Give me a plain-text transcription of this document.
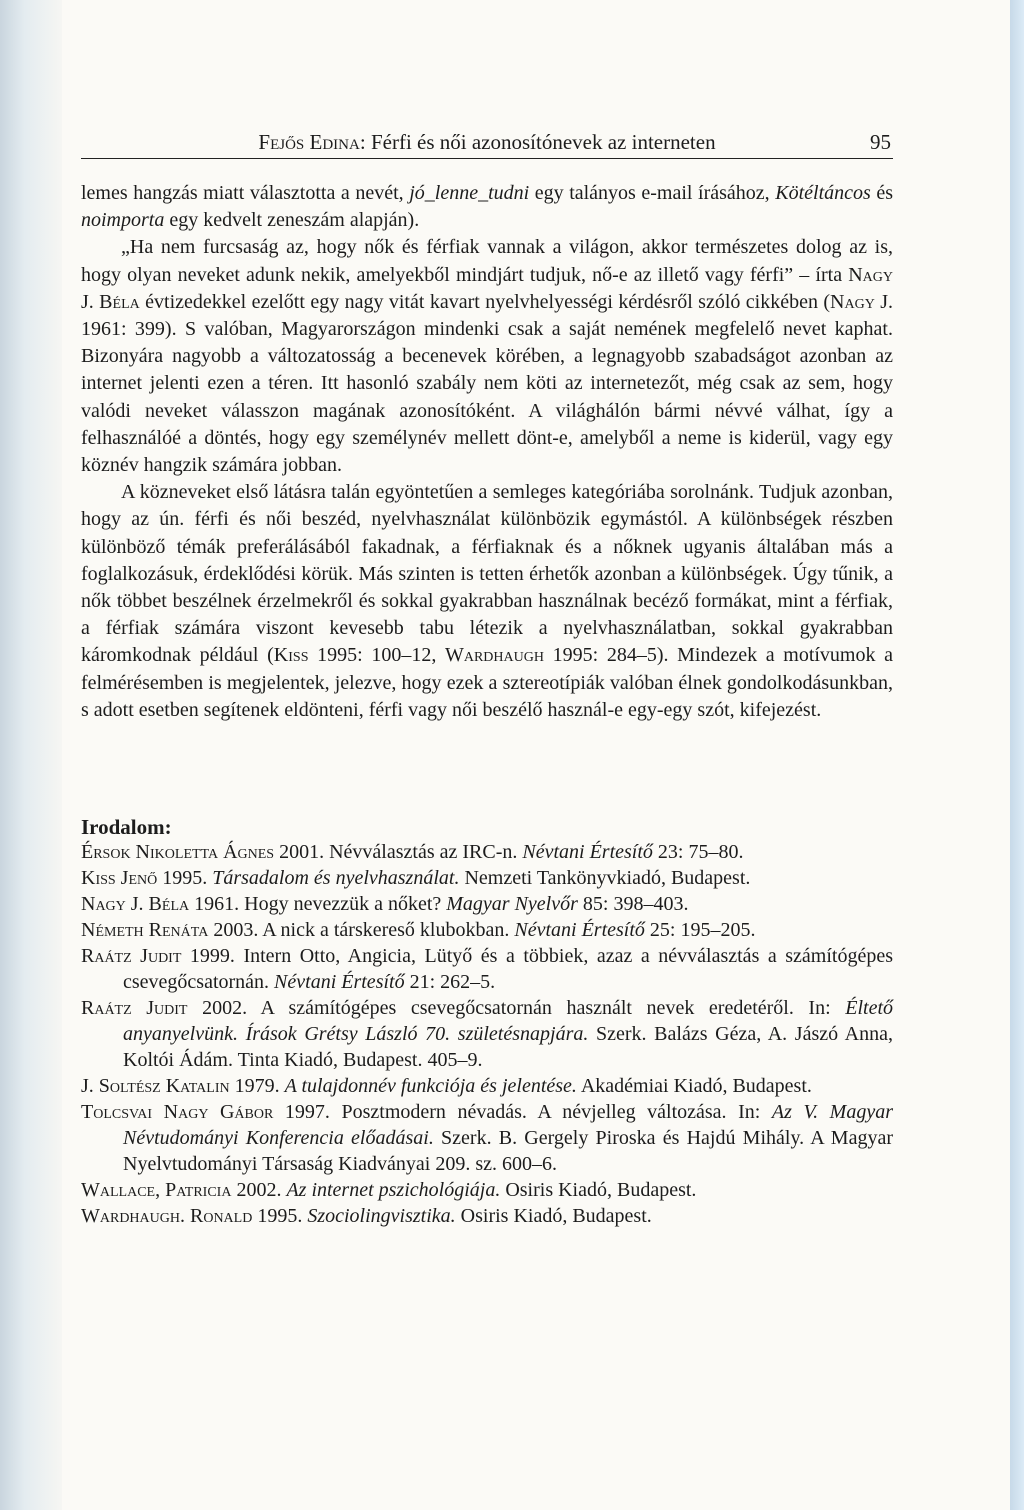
Fejős Edina: Férfi és női azonosítónevek az interneten	95

lemes hangzás miatt választotta a nevét, jó_lenne_tudni egy talányos e-mail írásához, Kötéltáncos és noimporta egy kedvelt zeneszám alapján).

„Ha nem furcsaság az, hogy nők és férfiak vannak a világon, akkor természetes dolog az is, hogy olyan neveket adunk nekik, amelyekből mindjárt tudjuk, nő-e az illető vagy férfi” – írta Nagy J. Béla évtizedekkel ezelőtt egy nagy vitát kavart nyelvhelyességi kérdésről szóló cikkében (Nagy J. 1961: 399). S valóban, Magyarországon mindenki csak a saját nemének megfelelő nevet kaphat. Bizonyára nagyobb a változatosság a becenevek körében, a legnagyobb szabadságot azonban az internet jelenti ezen a téren. Itt hasonló szabály nem köti az internetezőt, még csak az sem, hogy valódi neveket válasszon magának azonosítóként. A világhálón bármi névvé válhat, így a felhasználóé a döntés, hogy egy személynév mellett dönt-e, amelyből a neme is kiderül, vagy egy köznév hangzik számára jobban.

A közneveket első látásra talán egyöntetűen a semleges kategóriába sorolnánk. Tudjuk azonban, hogy az ún. férfi és női beszéd, nyelvhasználat különbözik egymástól. A különbségek részben különböző témák preferálásából fakadnak, a férfiaknak és a nőknek ugyanis általában más a foglalkozásuk, érdeklődési körük. Más szinten is tetten érhetők azonban a különbségek. Úgy tűnik, a nők többet beszélnek érzelmekről és sokkal gyakrabban használnak becéző formákat, mint a férfiak, a férfiak számára viszont kevesebb tabu létezik a nyelvhasználatban, sokkal gyakrabban káromkodnak például (Kiss 1995: 100–12, Wardhaugh 1995: 284–5). Mindezek a motívumok a felmérésemben is megjelentek, jelezve, hogy ezek a sztereotípiák valóban élnek gondolkodásunkban, s adott esetben segítenek eldönteni, férfi vagy női beszélő használ-e egy-egy szót, kifejezést.

Irodalom:

Érsok Nikoletta Ágnes 2001. Névválasztás az IRC-n. Névtani Értesítő 23: 75–80.

Kiss Jenő 1995. Társadalom és nyelvhasználat. Nemzeti Tankönyvkiadó, Budapest.

Nagy J. Béla 1961. Hogy nevezzük a nőket? Magyar Nyelvőr 85: 398–403.

Németh Renáta 2003. A nick a társkereső klubokban. Névtani Értesítő 25: 195–205.

Raátz Judit 1999. Intern Otto, Angicia, Lütyő és a többiek, azaz a névválasztás a számítógépes csevegőcsatornán. Névtani Értesítő 21: 262–5.

Raátz Judit 2002. A számítógépes csevegőcsatornán használt nevek eredetéről. In: Éltető anyanyelvünk. Írások Grétsy László 70. születésnapjára. Szerk. Balázs Géza, A. Jászó Anna, Koltói Ádám. Tinta Kiadó, Budapest. 405–9.

J. Soltész Katalin 1979. A tulajdonnév funkciója és jelentése. Akadémiai Kiadó, Budapest.

Tolcsvai Nagy Gábor 1997. Posztmodern névadás. A névjelleg változása. In: Az V. Magyar Névtudományi Konferencia előadásai. Szerk. B. Gergely Piroska és Hajdú Mihály. A Magyar Nyelvtudományi Társaság Kiadványai 209. sz. 600–6.

Wallace, Patricia 2002. Az internet pszichológiája. Osiris Kiadó, Budapest.

Wardhaugh. Ronald 1995. Szociolingvisztika. Osiris Kiadó, Budapest.
